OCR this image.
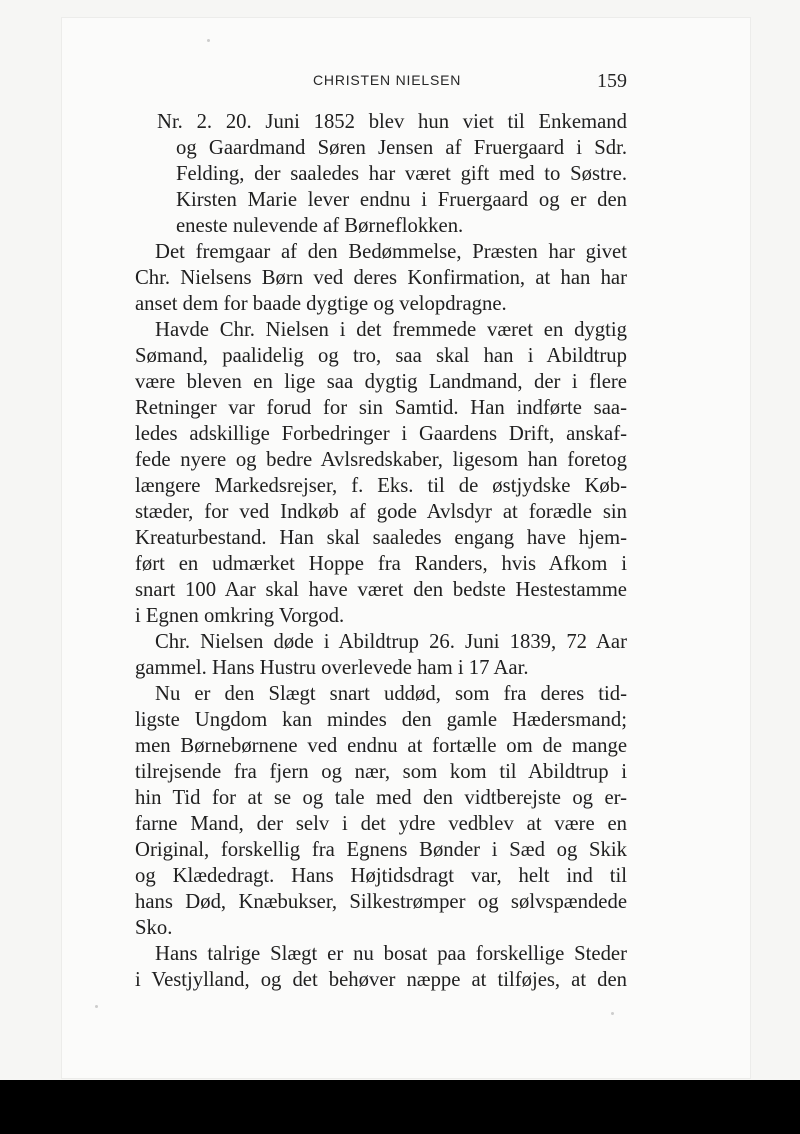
CHRISTEN NIELSEN	159
Nr. 2. 20. Juni 1852 blev hun viet til Enkemand
og Gaardmand Søren Jensen af Fruergaard i Sdr.
Felding, der saaledes har været gift med to Søstre.
Kirsten Marie lever endnu i Fruergaard og er den
eneste nulevende af Børneflokken.
Det fremgaar af den Bedømmelse, Præsten har givet
Chr. Nielsens Børn ved deres Konfirmation, at han har
anset dem for baade dygtige og velopdragne.
Havde Chr. Nielsen i det fremmede været en dygtig
Sømand, paalidelig og tro, saa skal han i Abildtrup
være bleven en lige saa dygtig Landmand, der i flere
Retninger var forud for sin Samtid. Han indførte saa-
ledes adskillige Forbedringer i Gaardens Drift, anskaf-
fede nyere og bedre Avlsredskaber, ligesom han foretog
længere Markedsrejser, f. Eks. til de østjydske Køb-
stæder, for ved Indkøb af gode Avlsdyr at forædle sin
Kreaturbestand. Han skal saaledes engang have hjem-
ført en udmærket Hoppe fra Randers, hvis Afkom i
snart 100 Aar skal have været den bedste Hestestamme
i Egnen omkring Vorgod.
Chr. Nielsen døde i Abildtrup 26. Juni 1839, 72 Aar
gammel. Hans Hustru overlevede ham i 17 Aar.
Nu er den Slægt snart uddød, som fra deres tid-
ligste Ungdom kan mindes den gamle Hædersmand;
men Børnebørnene ved endnu at fortælle om de mange
tilrejsende fra fjern og nær, som kom til Abildtrup i
hin Tid for at se og tale med den vidtberejste og er-
farne Mand, der selv i det ydre vedblev at være en
Original, forskellig fra Egnens Bønder i Sæd og Skik
og Klædedragt. Hans Højtidsdragt var, helt ind til
hans Død, Knæbukser, Silkestrømper og sølvspændede
Sko.
Hans talrige Slægt er nu bosat paa forskellige Steder
i Vestjylland, og det behøver næppe at tilføjes, at den
